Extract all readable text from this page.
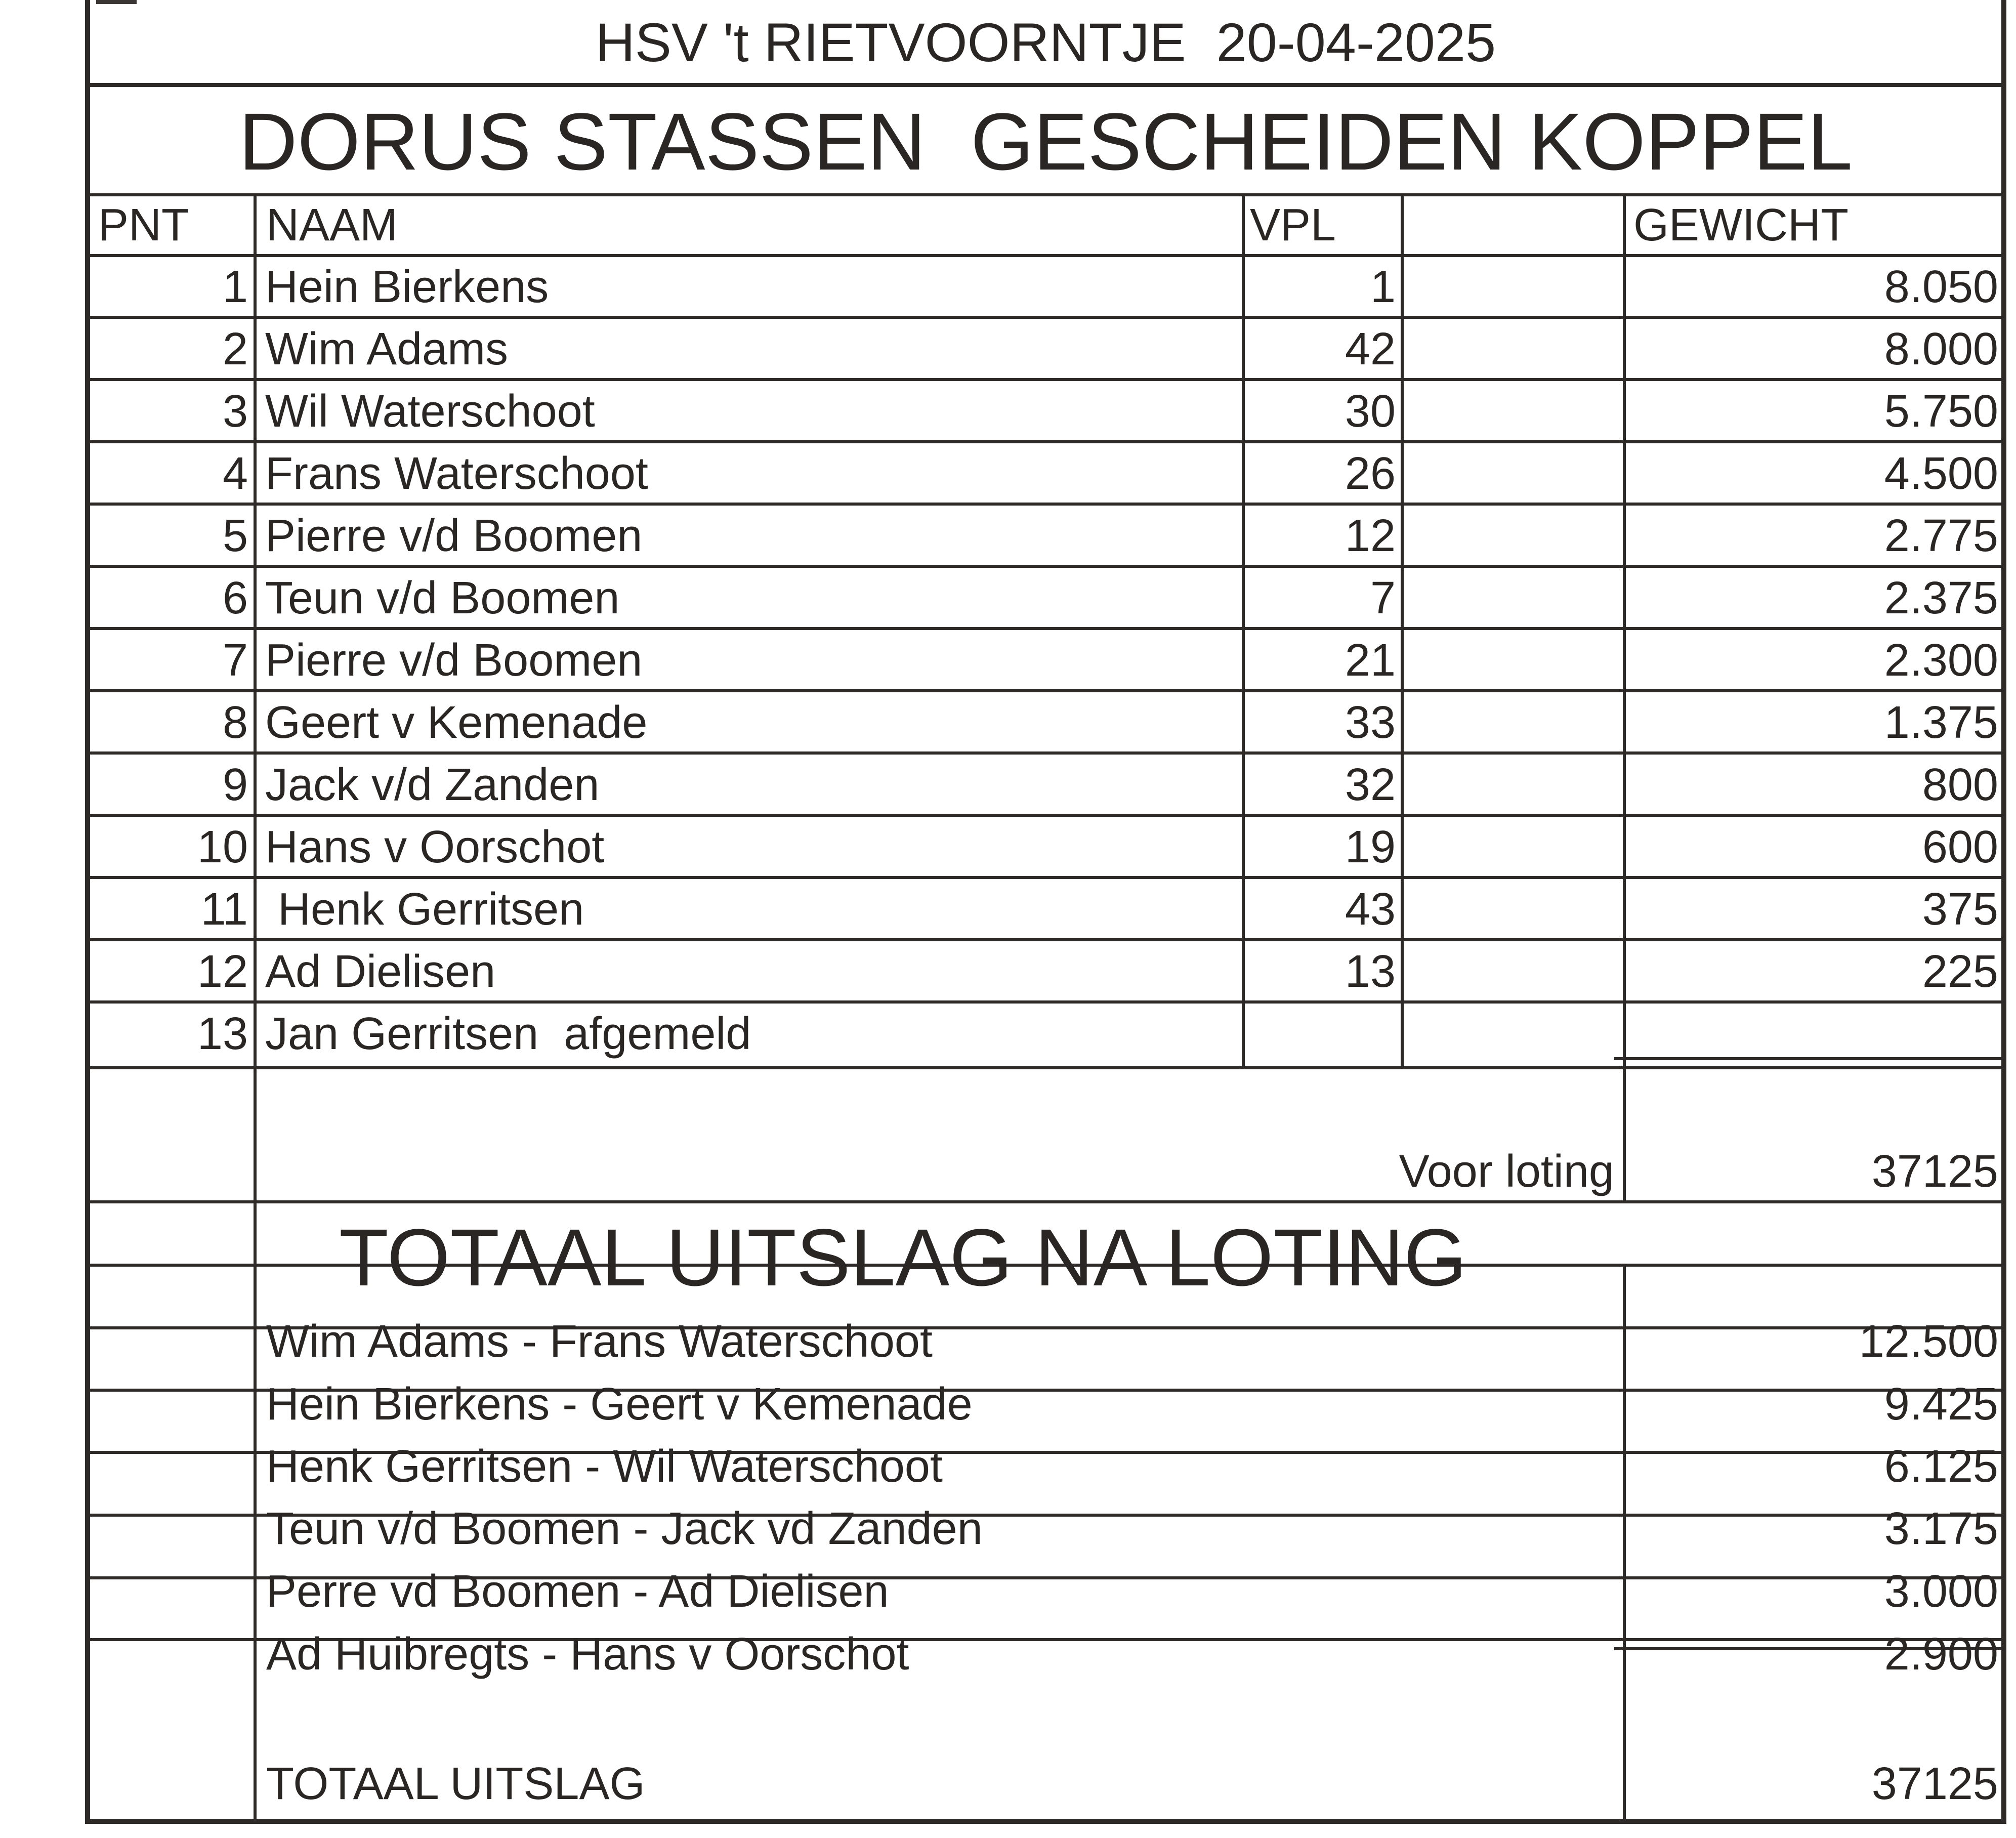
HSV 't RIETVOORNTJE  20-04-2025
DORUS STASSEN  GESCHEIDEN KOPPEL
PNT NAAM	VPL	GEWICHT
1 Hein Bierkens	1	8.050
2 Wim Adams	42	8.000
3 Wil Waterschoot	30	5.750
4 Frans Waterschoot	26	4.500
5 Pierre v/d Boomen	12	2.775
6 Teun v/d Boomen	7	2.375
7 Pierre v/d Boomen	21	2.300
8 Geert v Kemenade	33	1.375
9 Jack v/d Zanden	32	800
10 Hans v Oorschot	19	600
11 Henk Gerritsen	43	375
12 Ad Dielisen	13	225
13 Jan Gerritsen  afgemeld
Voor loting	37125
TOTAAL UITSLAG NA LOTING
Wim Adams - Frans Waterschoot	12.500
Hein Bierkens - Geert v Kemenade	9.425
Henk Gerritsen - Wil Waterschoot	6.125
Teun v/d Boomen - Jack vd Zanden	3.175
Perre vd Boomen - Ad Dielisen	3.000
Ad Huibregts - Hans v Oorschot	2.900
TOTAAL UITSLAG	37125
